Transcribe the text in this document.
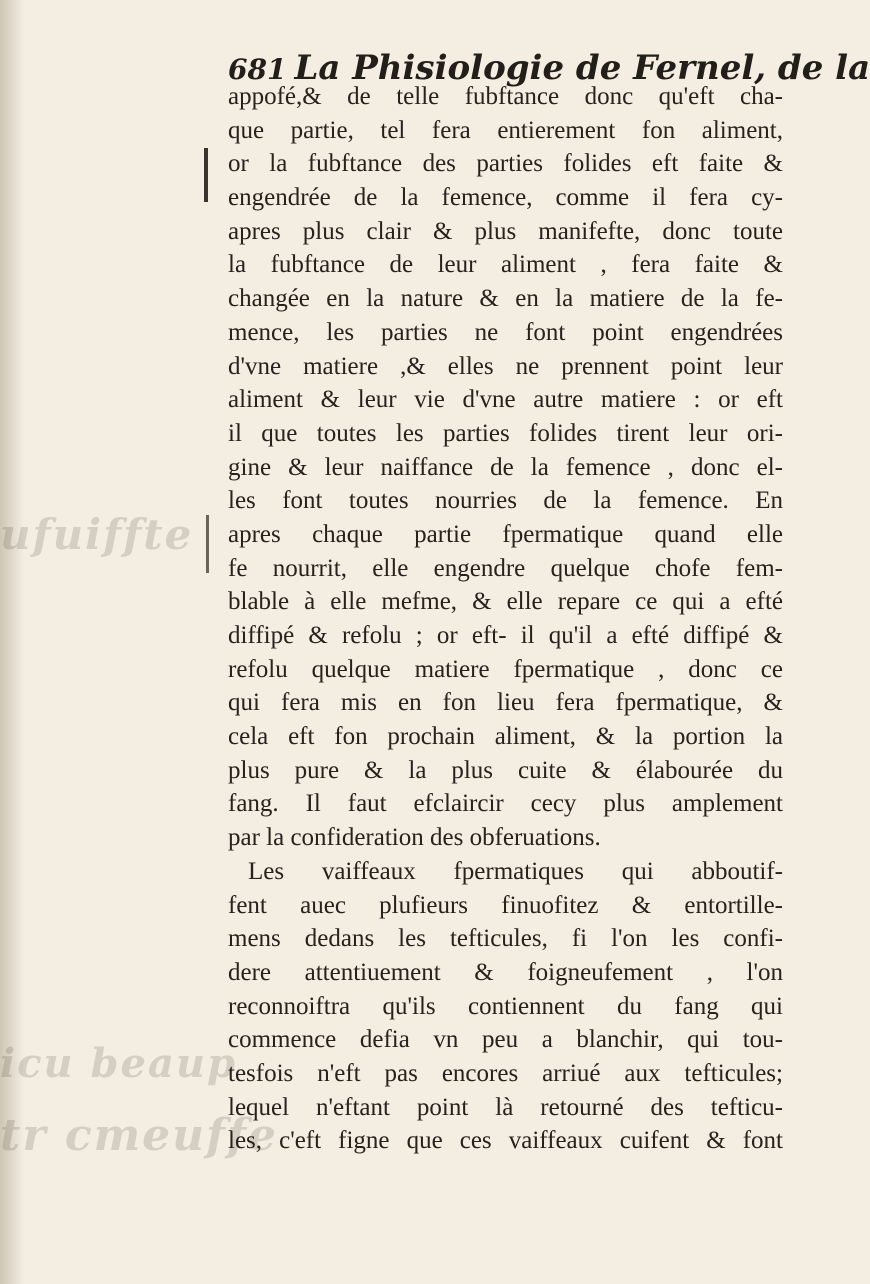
ufuiffte
icu beaup
tr cmeuffe
681 La Phisiologie de Fernel, de la
appofé,& de telle fubftance donc qu'eft cha-
que partie, tel fera entierement fon aliment,
or la fubftance des parties folides eft faite &
engendrée de la femence, comme il fera cy-
apres plus clair & plus manifefte, donc toute
la fubftance de leur aliment , fera faite &
changée en la nature & en la matiere de la fe-
mence, les parties ne font point engendrées
d'vne matiere ,& elles ne prennent point leur
aliment & leur vie d'vne autre matiere : or eft
il que toutes les parties folides tirent leur ori-
gine & leur naiffance de la femence , donc el-
les font toutes nourries de la femence. En
apres chaque partie fpermatique quand elle
fe nourrit, elle engendre quelque chofe fem-
blable à elle mefme, & elle repare ce qui a efté
diffipé & refolu ; or eft- il qu'il a efté diffipé &
refolu quelque matiere fpermatique , donc ce
qui fera mis en fon lieu fera fpermatique, &
cela eft fon prochain aliment, & la portion la
plus pure & la plus cuite & élabourée du
fang. Il faut efclaircir cecy plus amplement
par la confideration des obferuations.
Les vaiffeaux fpermatiques qui abboutif-
fent auec plufieurs finuofitez & entortille-
mens dedans les tefticules, fi l'on les confi-
dere attentiuement & foigneufement , l'on
reconnoiftra qu'ils contiennent du fang qui
commence defia vn peu a blanchir, qui tou-
tesfois n'eft pas encores arriué aux tefticules;
lequel n'eftant point là retourné des tefticu-
les, c'eft figne que ces vaiffeaux cuifent & font
